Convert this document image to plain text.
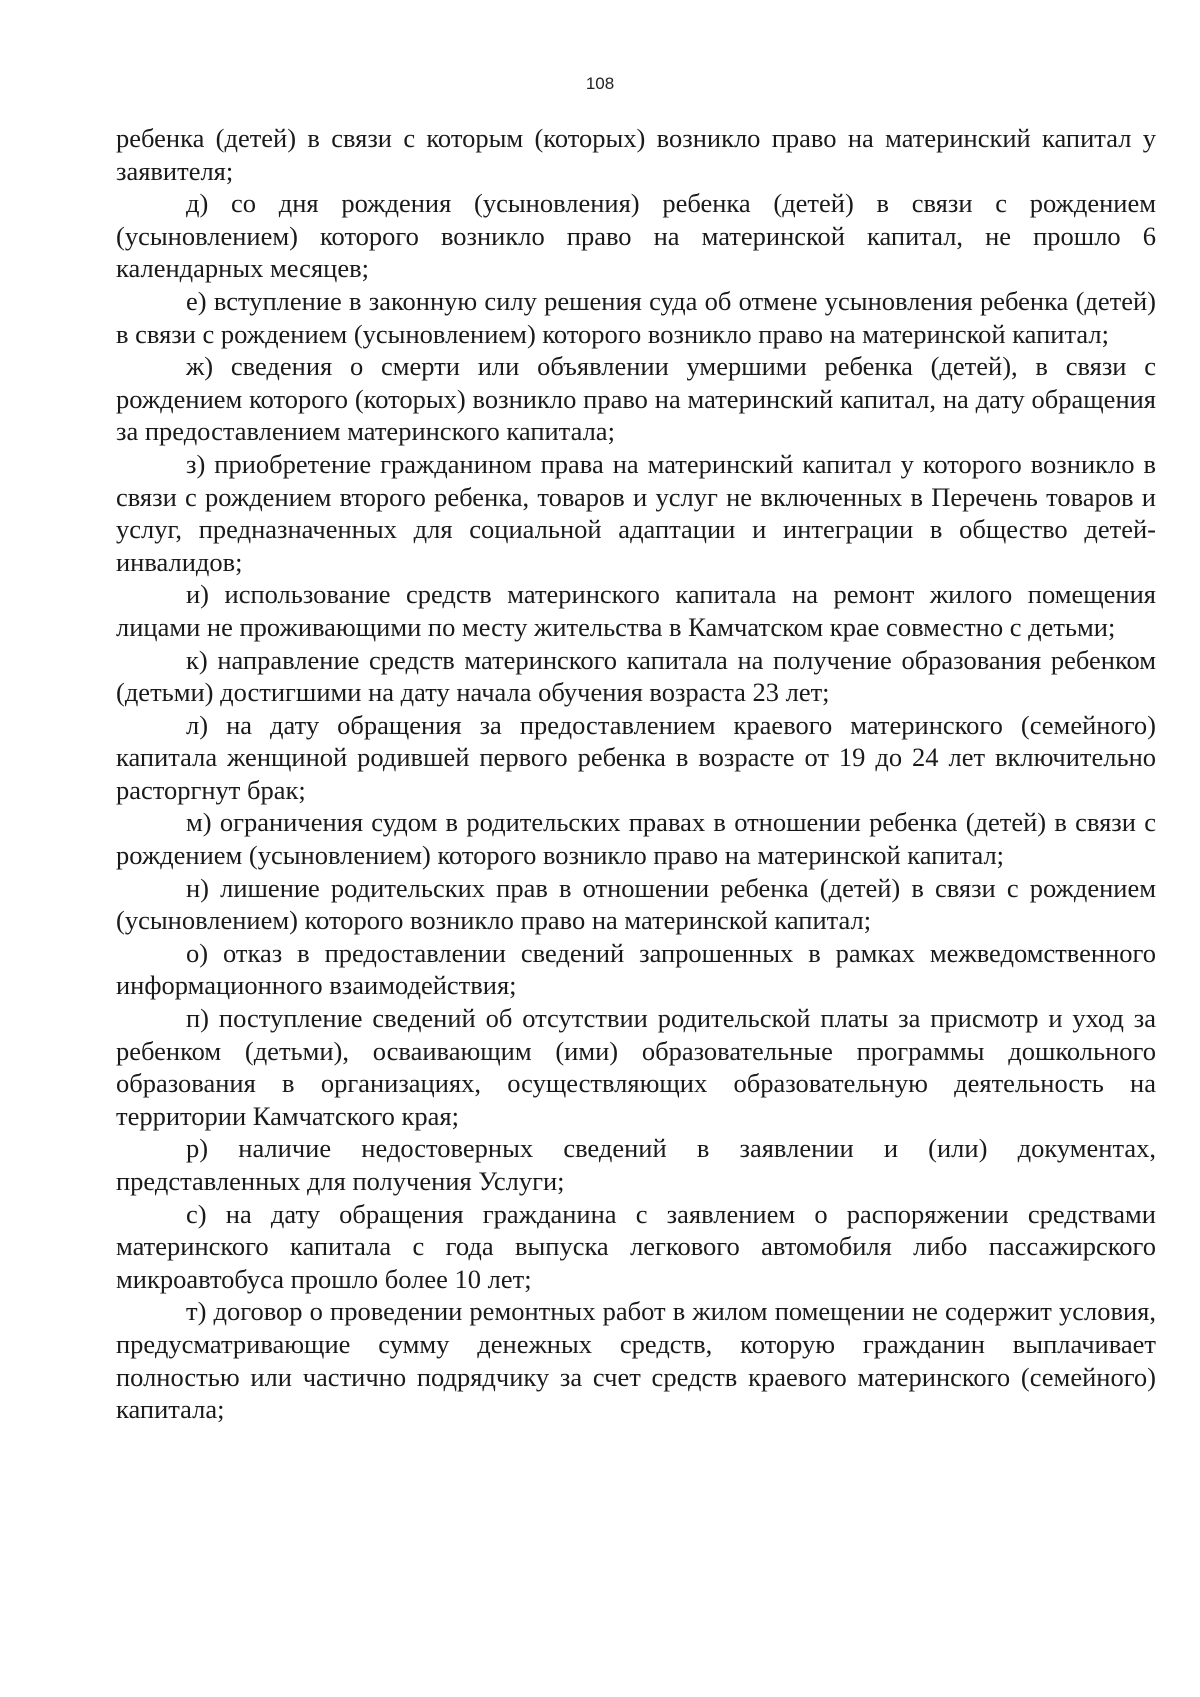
108

ребенка (детей) в связи с которым (которых) возникло право на материнский капитал у заявителя;

д) со дня рождения (усыновления) ребенка (детей) в связи с рождением (усыновлением) которого возникло право на материнской капитал, не прошло 6 календарных месяцев;

е) вступление в законную силу решения суда об отмене усыновления ребенка (детей) в связи с рождением (усыновлением) которого возникло право на материнской капитал;

ж) сведения о смерти или объявлении умершими ребенка (детей), в связи с рождением которого (которых) возникло право на материнский капитал, на дату обращения за предоставлением материнского капитала;

з) приобретение гражданином права на материнский капитал у которого возникло в связи с рождением второго ребенка, товаров и услуг не включенных в Перечень товаров и услуг, предназначенных для социальной адаптации и интеграции в общество детей-инвалидов;

и) использование средств материнского капитала на ремонт жилого помещения лицами не проживающими по месту жительства в Камчатском крае совместно с детьми;

к) направление средств материнского капитала на получение образования ребенком (детьми) достигшими на дату начала обучения возраста 23 лет;

л) на дату обращения за предоставлением краевого материнского (семейного) капитала женщиной родившей первого ребенка в возрасте от 19 до 24 лет включительно расторгнут брак;

м) ограничения судом в родительских правах в отношении ребенка (детей) в связи с рождением (усыновлением) которого возникло право на материнской капитал;

н) лишение родительских прав в отношении ребенка (детей) в связи с рождением (усыновлением) которого возникло право на материнской капитал;

о) отказ в предоставлении сведений запрошенных в рамках межведомственного информационного взаимодействия;

п) поступление сведений об отсутствии родительской платы за присмотр и уход за ребенком (детьми), осваивающим (ими) образовательные программы дошкольного образования в организациях, осуществляющих образовательную деятельность на территории Камчатского края;

р) наличие недостоверных сведений в заявлении и (или) документах, представленных для получения Услуги;

с) на дату обращения гражданина с заявлением о распоряжении средствами материнского капитала с года выпуска легкового автомобиля либо пассажирского микроавтобуса прошло более 10 лет;

т) договор о проведении ремонтных работ в жилом помещении не содержит условия, предусматривающие сумму денежных средств, которую гражданин выплачивает полностью или частично подрядчику за счет средств краевого материнского (семейного) капитала;
